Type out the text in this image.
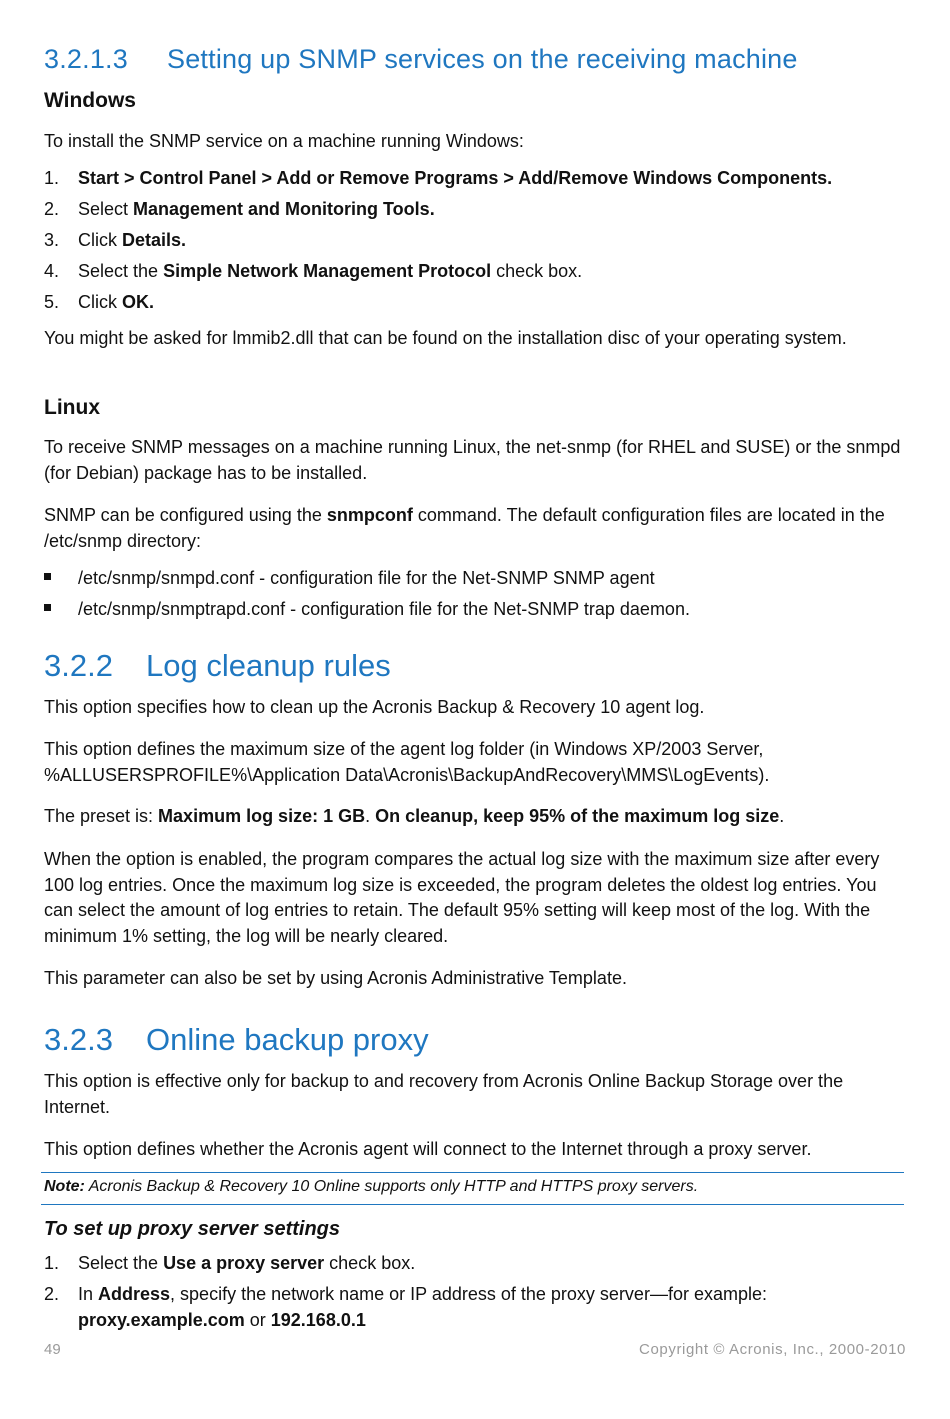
3.2.1.3 Setting up SNMP services on the receiving machine
Windows
To install the SNMP service on a machine running Windows:
1. Start > Control Panel > Add or Remove Programs > Add/Remove Windows Components.
2. Select Management and Monitoring Tools.
3. Click Details.
4. Select the Simple Network Management Protocol check box.
5. Click OK.
You might be asked for lmmib2.dll that can be found on the installation disc of your operating system.
Linux
To receive SNMP messages on a machine running Linux, the net-snmp (for RHEL and SUSE) or the snmpd (for Debian) package has to be installed.
SNMP can be configured using the snmpconf command. The default configuration files are located in the /etc/snmp directory:
/etc/snmp/snmpd.conf - configuration file for the Net-SNMP SNMP agent
/etc/snmp/snmptrapd.conf - configuration file for the Net-SNMP trap daemon.
3.2.2 Log cleanup rules
This option specifies how to clean up the Acronis Backup & Recovery 10 agent log.
This option defines the maximum size of the agent log folder (in Windows XP/2003 Server, %ALLUSERSPROFILE%\Application Data\Acronis\BackupAndRecovery\MMS\LogEvents).
The preset is: Maximum log size: 1 GB. On cleanup, keep 95% of the maximum log size.
When the option is enabled, the program compares the actual log size with the maximum size after every 100 log entries. Once the maximum log size is exceeded, the program deletes the oldest log entries. You can select the amount of log entries to retain. The default 95% setting will keep most of the log. With the minimum 1% setting, the log will be nearly cleared.
This parameter can also be set by using Acronis Administrative Template.
3.2.3 Online backup proxy
This option is effective only for backup to and recovery from Acronis Online Backup Storage over the Internet.
This option defines whether the Acronis agent will connect to the Internet through a proxy server.
Note: Acronis Backup & Recovery 10 Online supports only HTTP and HTTPS proxy servers.
To set up proxy server settings
1. Select the Use a proxy server check box.
2. In Address, specify the network name or IP address of the proxy server—for example: proxy.example.com or 192.168.0.1
49	Copyright © Acronis, Inc., 2000-2010
